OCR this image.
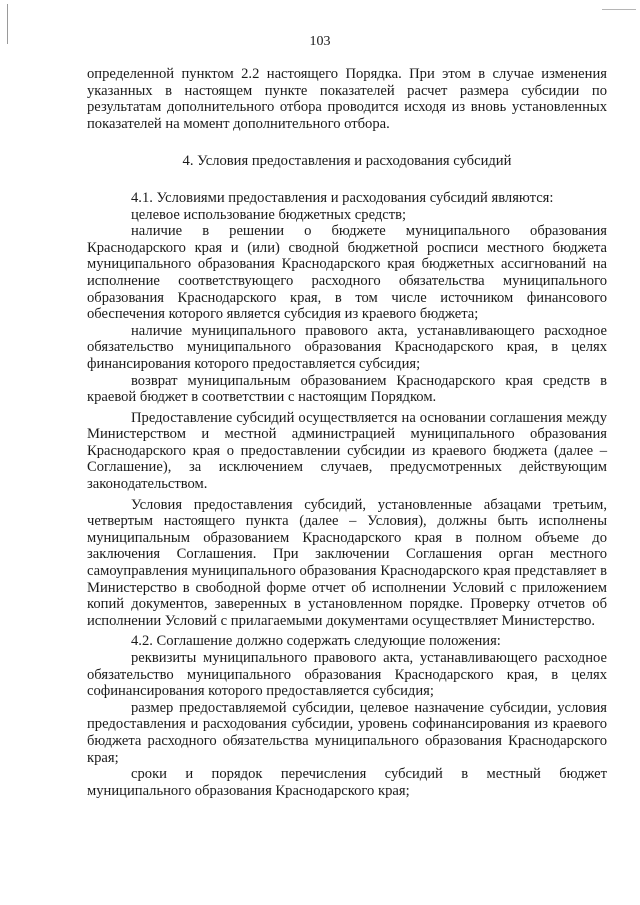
103

определенной пунктом 2.2 настоящего Порядка. При этом в случае изменения указанных в настоящем пункте показателей расчет размера субсидии по результатам дополнительного отбора проводится исходя из вновь установленных показателей на момент дополнительного отбора.

4. Условия предоставления и расходования субсидий

4.1. Условиями предоставления и расходования субсидий являются:

целевое использование бюджетных средств;

наличие в решении о бюджете муниципального образования Краснодарского края и (или) сводной бюджетной росписи местного бюджета муниципального образования Краснодарского края бюджетных ассигнований на исполнение соответствующего расходного обязательства муниципального образования Краснодарского края, в том числе источником финансового обеспечения которого является субсидия из краевого бюджета;

наличие муниципального правового акта, устанавливающего расходное обязательство муниципального образования Краснодарского края, в целях финансирования которого предоставляется субсидия;

возврат муниципальным образованием Краснодарского края средств в краевой бюджет в соответствии с настоящим Порядком.

Предоставление субсидий осуществляется на основании соглашения между Министерством и местной администрацией муниципального образования Краснодарского края о предоставлении субсидии из краевого бюджета (далее – Соглашение), за исключением случаев, предусмотренных действующим законодательством.

Условия предоставления субсидий, установленные абзацами третьим, четвертым настоящего пункта (далее – Условия), должны быть исполнены муниципальным образованием Краснодарского края в полном объеме до заключения Соглашения. При заключении Соглашения орган местного самоуправления муниципального образования Краснодарского края представляет в Министерство в свободной форме отчет об исполнении Условий с приложением копий документов, заверенных в установленном порядке. Проверку отчетов об исполнении Условий с прилагаемыми документами осуществляет Министерство.

4.2. Соглашение должно содержать следующие положения:

реквизиты муниципального правового акта, устанавливающего расходное обязательство муниципального образования Краснодарского края, в целях софинансирования которого предоставляется субсидия;

размер предоставляемой субсидии, целевое назначение субсидии, условия предоставления и расходования субсидии, уровень софинансирования из краевого бюджета расходного обязательства муниципального образования Краснодарского края;

сроки и порядок перечисления субсидий в местный бюджет муниципального образования Краснодарского края;
